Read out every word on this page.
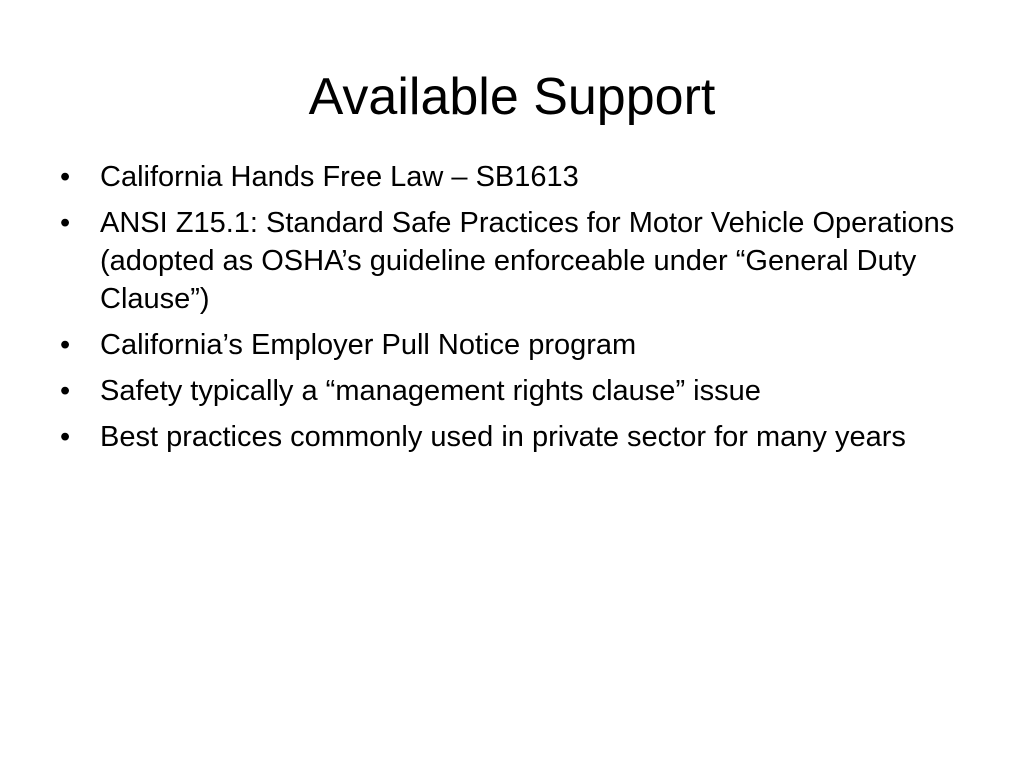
Available Support
•	California Hands Free Law – SB1613
•	ANSI Z15.1: Standard Safe Practices for Motor Vehicle Operations (adopted as OSHA’s guideline enforceable under “General Duty Clause”)
•	California’s Employer Pull Notice program
•	Safety typically a “management rights clause” issue
•	Best practices commonly used in private sector for many years
